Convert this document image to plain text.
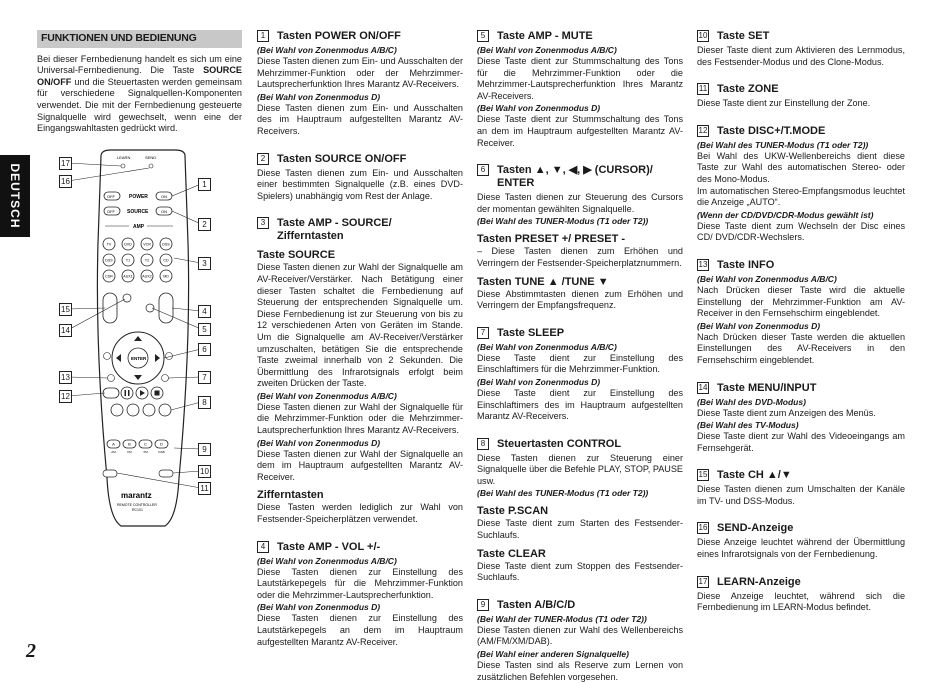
DEUTSCH
2
FUNKTIONEN UND BEDIENUNG
Bei dieser Fernbedienung handelt es sich um eine Universal-Fernbedienung. Die Taste SOURCE ON/OFF und die Steuertasten werden gemeinsam für verschiedene Signalquellen-Komponenten verwendet. Die mit der Fernbedienung gesteuerte Signalquelle wird gewechselt, wenn eine der Eingangswahltasten gedrückt wird.
LEARN	SEND
POWER
SOURCE
OFF	ON
OFF	ON
AMP
TV	DVD	VCR	DSS
DSS	T1	T2	CD
CDR	AUX1	AUX2	MD
ENTER
A
AM
B
FM
C
XM
D
DAB
marantz
REMOTE CONTROLLER
RC101
17
16	1
2
3
15
14
4
5
6
13	7
12
8
9
10
11
1 Tasten POWER ON/OFF
(Bei Wahl von Zonenmodus A/B/C)
Diese Tasten dienen zum Ein- und Ausschalten der Mehrzimmer-Funktion oder der Mehrzimmer-Lautsprecherfunktion Ihres Marantz AV-Receivers.
(Bei Wahl von Zonenmodus D)
Diese Tasten dienen zum Ein- und Ausschalten des im Hauptraum aufgestellten Marantz AV-Receivers.
2 Tasten SOURCE ON/OFF
Diese Tasten dienen zum Ein- und Ausschalten einer bestimmten Signalquelle (z.B. eines DVD-Spielers) unabhängig vom Rest der Anlage.
3 Taste AMP - SOURCE/
Zifferntasten
Taste SOURCE
Diese Tasten dienen zur Wahl der Signalquelle am AV-Receiver/Verstärker. Nach Betätigung einer dieser Tasten schaltet die Fernbedienung auf Steuerung der entsprechenden Signalquelle um. Diese Fernbedienung ist zur Steuerung von bis zu 12 verschiedenen Arten von Geräten im Stande. Um die Signalquelle am AV-Receiver/Verstärker umzuschalten, betätigen Sie die entsprechende Taste zweimal innerhalb von 2 Sekunden. Die Übermittlung des Infrarotsignals erfolgt beim zweiten Drücken der Taste.
(Bei Wahl von Zonenmodus A/B/C)
Diese Tasten dienen zur Wahl der Signalquelle für die Mehrzimmer-Funktion oder die Mehrzimmer-Lautsprecherfunktion Ihres Marantz AV-Receivers.
(Bei Wahl von Zonenmodus D)
Diese Tasten dienen zur Wahl der Signalquelle an dem im Hauptraum aufgestellten Marantz AV-Receiver.
Zifferntasten
Diese Tasten werden lediglich zur Wahl von Festsender-Speicherplätzen verwendet.
4 Taste AMP - VOL +/-
(Bei Wahl von Zonenmodus A/B/C)
Diese Tasten dienen zur Einstellung des Lautstärkepegels für die Mehrzimmer-Funktion oder die Mehrzimmer-Lautsprecherfunktion.
(Bei Wahl von Zonenmodus D)
Diese Tasten dienen zur Einstellung des Lautstärkepegels an dem im Hauptraum aufgestellten Marantz AV-Receiver.
5 Taste AMP - MUTE
(Bei Wahl von Zonenmodus A/B/C)
Diese Taste dient zur Stummschaltung des Tons für die Mehrzimmer-Funktion oder die Mehrzimmer-Lautsprecherfunktion Ihres Marantz AV-Receivers.
(Bei Wahl von Zonenmodus D)
Diese Taste dient zur Stummschaltung des Tons an dem im Hauptraum aufgestellten Marantz AV-Receiver.
6 Tasten ▲, ▼, ◀, ▶ (CURSOR)/
ENTER
Diese Tasten dienen zur Steuerung des Cursors der momentan gewählten Signalquelle.
(Bei Wahl des TUNER-Modus (T1 oder T2))
Tasten PRESET +/ PRESET -
– Diese Tasten dienen zum Erhöhen und Verringern der Festsender-Speicherplatznummern.
Tasten TUNE ▲ /TUNE ▼
Diese Abstimmtasten dienen zum Erhöhen und Verringern der Empfangsfrequenz.
7 Taste SLEEP
(Bei Wahl von Zonenmodus A/B/C)
Diese Taste dient zur Einstellung des Einschlaftimers für die Mehrzimmer-Funktion.
(Bei Wahl von Zonenmodus D)
Diese Taste dient zur Einstellung des Einschlaftimers des im Hauptraum aufgestellten Marantz AV-Receivers.
8 Steuertasten CONTROL
Diese Tasten dienen zur Steuerung einer Signalquelle über die Befehle PLAY, STOP, PAUSE usw.
(Bei Wahl des TUNER-Modus (T1 oder T2))
Taste P.SCAN
Diese Taste dient zum Starten des Festsender-Suchlaufs.
Taste CLEAR
Diese Taste dient zum Stoppen des Festsender-Suchlaufs.
9 Tasten A/B/C/D
(Bei Wahl der TUNER-Modus (T1 oder T2))
Diese Tasten dienen zur Wahl des Wellenbereichs (AM/FM/XM/DAB).
(Bei Wahl einer anderen Signalquelle)
Diese Tasten sind als Reserve zum Lernen von zusätzlichen Befehlen vorgesehen.
10 Taste SET
Dieser Taste dient zum Aktivieren des Lernmodus, des Festsender-Modus und des Clone-Modus.
11 Taste ZONE
Diese Taste dient zur Einstellung der Zone.
12 Taste DISC+/T.MODE
(Bei Wahl des TUNER-Modus (T1 oder T2))
Bei Wahl des UKW-Wellenbereichs dient diese Taste zur Wahl des automatischen Stereo- oder des Mono-Modus.
Im automatischen Stereo-Empfangsmodus leuchtet die Anzeige „AUTO“.
(Wenn der CD/DVD/CDR-Modus gewählt ist)
Diese Taste dient zum Wechseln der Disc eines CD/ DVD/CDR-Wechslers.
13 Taste INFO
(Bei Wahl von Zonenmodus A/B/C)
Nach Drücken dieser Taste wird die aktuelle Einstellung der Mehrzimmer-Funktion am AV-Receiver in den Fernsehschirm eingeblendet.
(Bei Wahl von Zonenmodus D)
Nach Drücken dieser Taste werden die aktuellen Einstellungen des AV-Receivers in den Fernsehschirm eingeblendet.
14 Taste MENU/INPUT
(Bei Wahl des DVD-Modus)
Diese Taste dient zum Anzeigen des Menüs.
(Bei Wahl des TV-Modus)
Diese Taste dient zur Wahl des Videoeingangs am Fernsehgerät.
15 Taste CH ▲/▼
Diese Tasten dienen zum Umschalten der Kanäle im TV- und DSS-Modus.
16 SEND-Anzeige
Diese Anzeige leuchtet während der Übermittlung eines Infrarotsignals von der Fernbedienung.
17 LEARN-Anzeige
Diese Anzeige leuchtet, während sich die Fernbedienung im LEARN-Modus befindet.
